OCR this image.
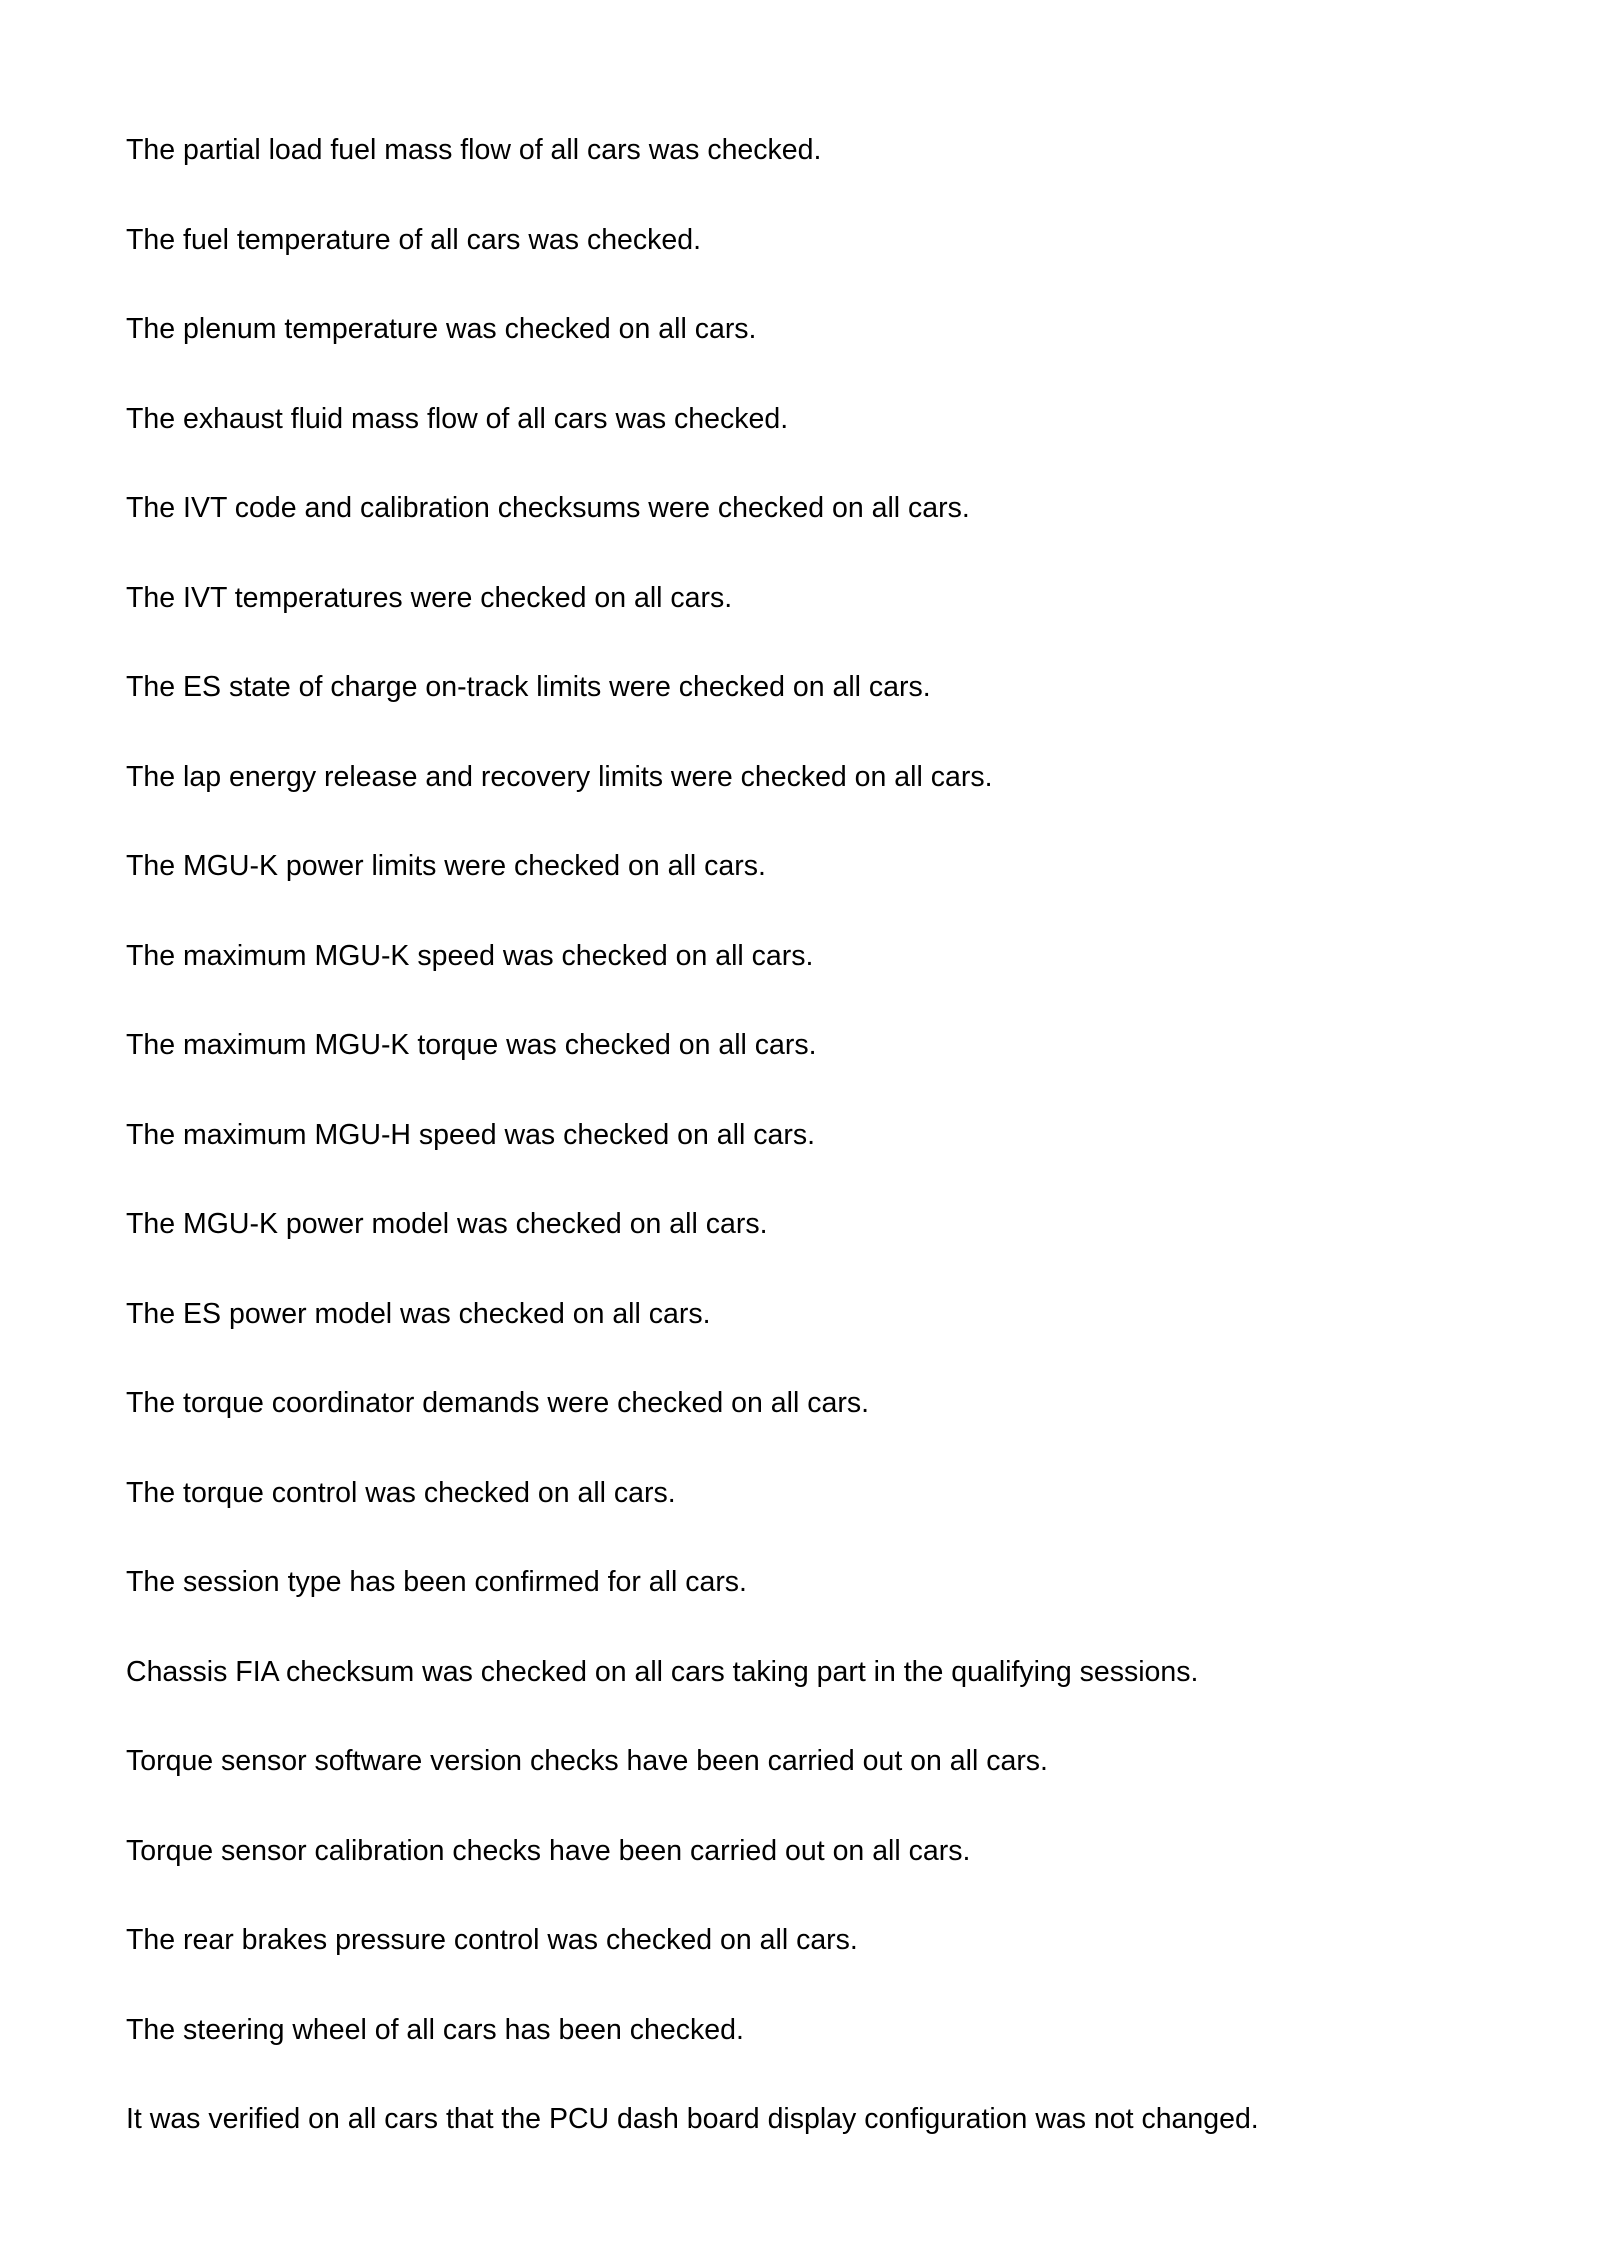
The partial load fuel mass flow of all cars was checked.

The fuel temperature of all cars was checked.

The plenum temperature was checked on all cars.

The exhaust fluid mass flow of all cars was checked.

The IVT code and calibration checksums were checked on all cars.

The IVT temperatures were checked on all cars.

The ES state of charge on-track limits were checked on all cars.

The lap energy release and recovery limits were checked on all cars.

The MGU-K power limits were checked on all cars.

The maximum MGU-K speed was checked on all cars.

The maximum MGU-K torque was checked on all cars.

The maximum MGU-H speed was checked on all cars.

The MGU-K power model was checked on all cars.

The ES power model was checked on all cars.

The torque coordinator demands were checked on all cars.

The torque control was checked on all cars.

The session type has been confirmed for all cars.

Chassis FIA checksum was checked on all cars taking part in the qualifying sessions.

Torque sensor software version checks have been carried out on all cars.

Torque sensor calibration checks have been carried out on all cars.

The rear brakes pressure control was checked on all cars.

The steering wheel of all cars has been checked.

It was verified on all cars that the PCU dash board display configuration was not changed.
